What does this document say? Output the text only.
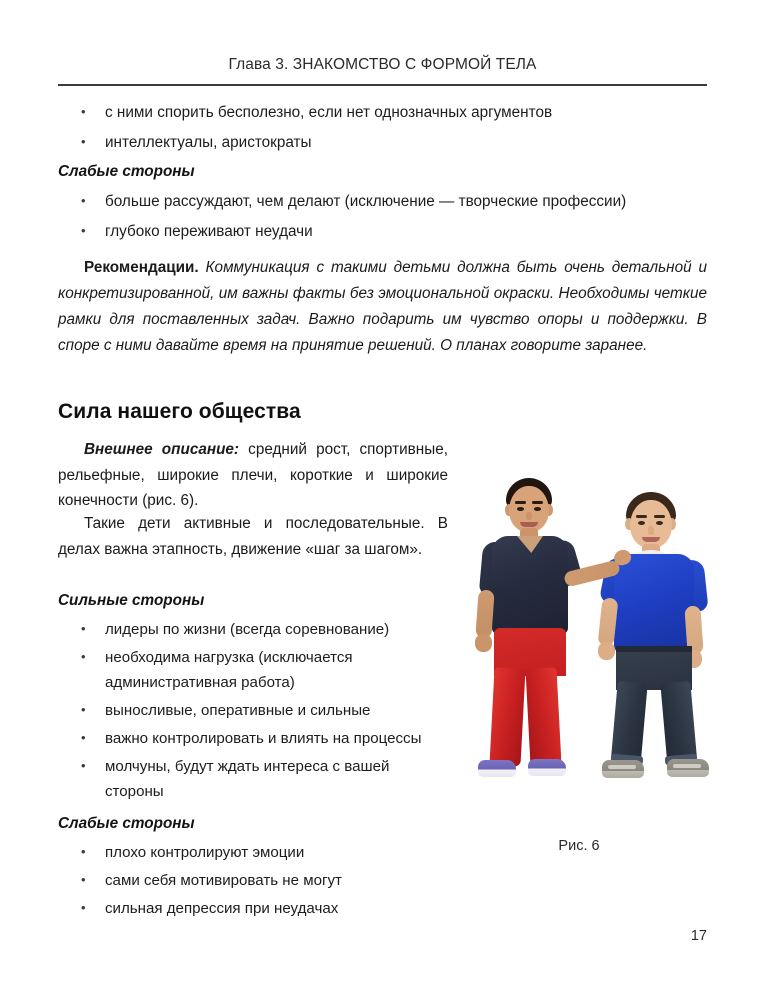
Глава 3. ЗНАКОМСТВО С ФОРМОЙ ТЕЛА
• с ними спорить бесполезно, если нет однозначных аргументов
• интеллектуалы, аристократы

Слабые стороны

• больше рассуждают, чем делают (исключение — творческие профессии)
• глубоко переживают неудачи

Рекомендации. Коммуникация с такими детьми должна быть очень детальной и конкретизированной, им важны факты без эмоциональной окраски. Необходимы четкие рамки для поставленных задач. Важно подарить им чувство опоры и поддержки. В споре с ними давайте время на принятие решений. О планах говорите заранее.

Сила нашего общества

Внешнее описание: средний рост, спортивные, рельефные, широкие плечи, короткие и широкие конечности (рис. 6).

Такие дети активные и последовательные. В делах важна этапность, движение «шаг за шагом».

Сильные стороны

• лидеры по жизни (всегда соревнование)
• необходима нагрузка (исключается административная работа)
• выносливые, оперативные и сильные
• важно контролировать и влиять на процессы
• молчуны, будут ждать интереса с вашей стороны

Слабые стороны

• плохо контролируют эмоции
• сами себя мотивировать не могут
• сильная депрессия при неудачах
Рис. 6
17
